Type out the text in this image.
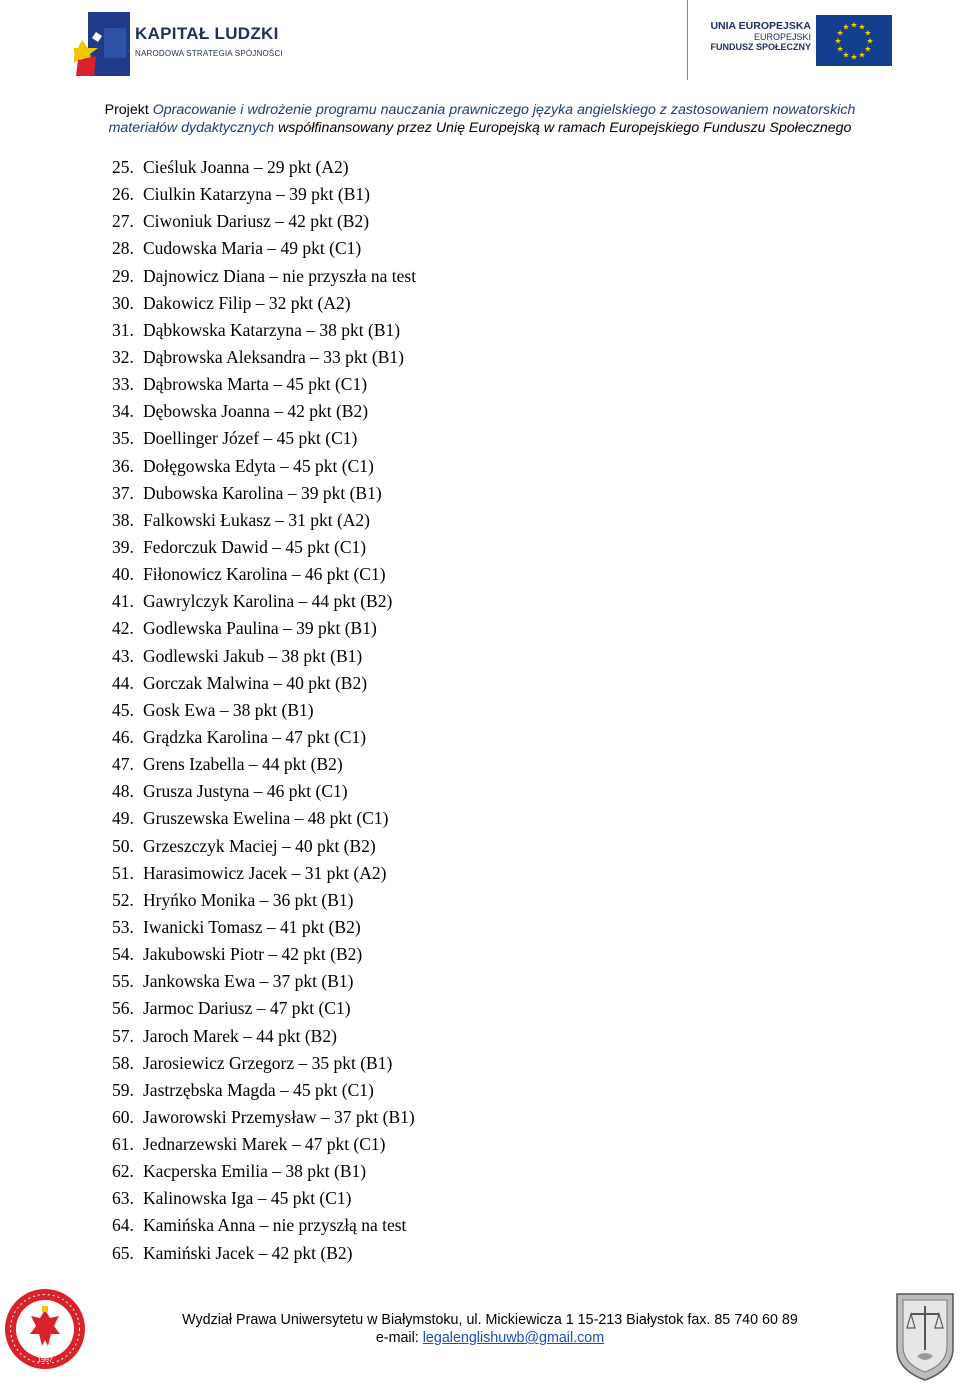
KAPITAŁ LUDZKI
NARODOWA STRATEGIA SPÓJNOŚCI
UNIA EUROPEJSKA
EUROPEJSKI
FUNDUSZ SPOŁECZNY
★
★
★
★
★
★
★
★
★ ★ ★
★
Projekt Opracowanie i wdrożenie programu nauczania prawniczego języka angielskiego z zastosowaniem nowatorskich
materiałów dydaktycznych współfinansowany przez Unię Europejską w ramach Europejskiego Funduszu Społecznego
25. Cieśluk Joanna – 29 pkt (A2)
26. Ciulkin Katarzyna – 39 pkt (B1)
27. Ciwoniuk Dariusz – 42 pkt (B2)
28. Cudowska Maria – 49 pkt (C1)
29. Dajnowicz Diana – nie przyszła na test
30. Dakowicz Filip – 32 pkt (A2)
31. Dąbkowska Katarzyna – 38 pkt (B1)
32. Dąbrowska Aleksandra – 33 pkt (B1)
33. Dąbrowska Marta – 45 pkt (C1)
34. Dębowska Joanna – 42 pkt (B2)
35. Doellinger Józef – 45 pkt (C1)
36. Dołęgowska Edyta – 45 pkt (C1)
37. Dubowska Karolina – 39 pkt (B1)
38. Falkowski Łukasz – 31 pkt (A2)
39. Fedorczuk Dawid – 45 pkt (C1)
40. Fiłonowicz Karolina – 46 pkt (C1)
41. Gawrylczyk Karolina – 44 pkt (B2)
42. Godlewska Paulina – 39 pkt (B1)
43. Godlewski Jakub – 38 pkt (B1)
44. Gorczak Malwina – 40 pkt (B2)
45. Gosk Ewa – 38 pkt (B1)
46. Grądzka Karolina – 47 pkt (C1)
47. Grens Izabella – 44 pkt (B2)
48. Grusza Justyna – 46 pkt (C1)
49. Gruszewska Ewelina – 48 pkt (C1)
50. Grzeszczyk Maciej – 40 pkt (B2)
51. Harasimowicz Jacek – 31 pkt (A2)
52. Hryńko Monika – 36 pkt (B1)
53. Iwanicki Tomasz – 41 pkt (B2)
54. Jakubowski Piotr – 42 pkt (B2)
55. Jankowska Ewa – 37 pkt (B1)
56. Jarmoc Dariusz – 47 pkt (C1)
57. Jaroch Marek – 44 pkt (B2)
58. Jarosiewicz Grzegorz – 35 pkt (B1)
59. Jastrzębska Magda – 45 pkt (C1)
60. Jaworowski Przemysław – 37 pkt (B1)
61. Jednarzewski Marek – 47 pkt (C1)
62. Kacperska Emilia – 38 pkt (B1)
63. Kalinowska Iga – 45 pkt (C1)
64. Kamińska Anna – nie przyszłą na test
65. Kamiński Jacek – 42 pkt (B2)
1997
Wydział Prawa Uniwersytetu w Białymstoku, ul. Mickiewicza 1 15-213 Białystok fax. 85 740 60 89
e-mail: legalenglishuwb@gmail.com
